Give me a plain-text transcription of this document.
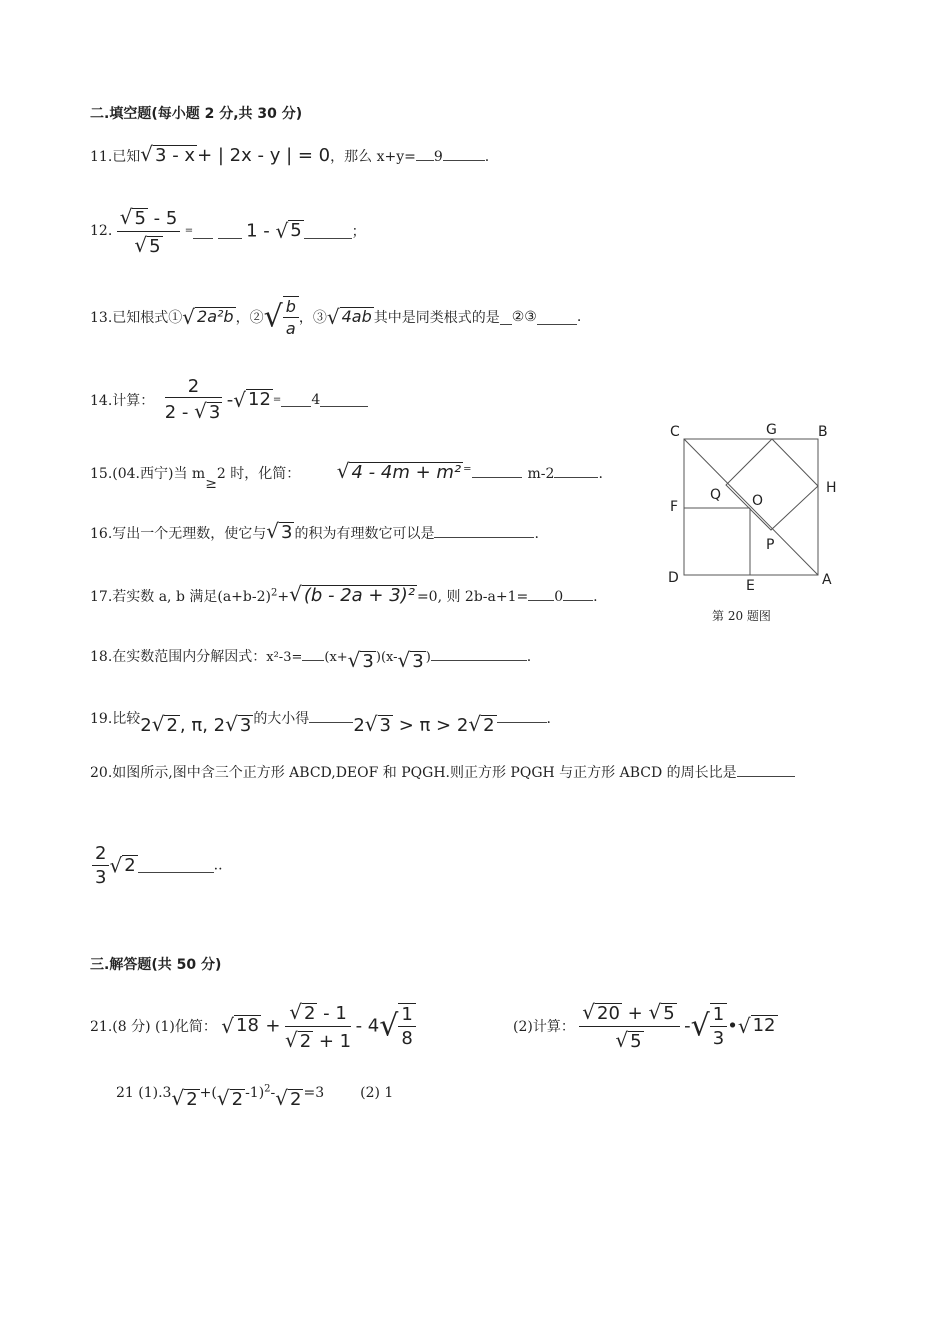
二.填空题(每小题 2 分,共 30 分)
11.已知√ 3 - x + | 2x - y | = 0，那么 x+y= 9	.
12. $\frac{√ 5 - 5}{√ 5}$ =	1 - √ 5	；
13.已知根式①√ 2a²b ，②√ $\frac{b}{a}$ ，③√ 4ab 其中是同类根式的是 ②③	.
14.计算： $\frac{2}{2 - √ 3}$ -√ 12 = 4
15.(04.西宁)当 m≥2 时，化简： √ 4 - 4m + m² =	m-2	.
16.写出一个无理数，使它与√ 3 的积为有理数它可以是	.
17.若实数 a, b 满足$(a+b-2)^2+√$ (b - 2a + 3)² =0, 则 2b-a+1= 0 .
18.在实数范围内分解因式：x²-3= (x+√ 3 )(x-√ 3 )	.
19.比较2√ 2 , π, 2√ 3 的大小得 2√ 3 > π > 2√ 2	.
20.如图所示,图中含三个正方形 ABCD,DEOF 和 PQGH.则正方形 PQGH 与正方形 ABCD 的周长比是
$\frac{2}{3}$ √ 2	..
C	G	B
H
Q O
F
P
D	E	A
第 20 题图
三.解答题(共 50 分)
21.(8 分) (1)化简： √ $18 + \frac{√ 2 - 1}{√ 2 + 1} - 4√ \frac{1}{8}$	(2)计算： $\frac{√ 20 + √ 5}{√ 5}$ -√ $\frac{1}{3}$ •√ 12
21 (1).3√ 2 +(√ 2 -1)$^2$-√ 2 =3	(2) 1
